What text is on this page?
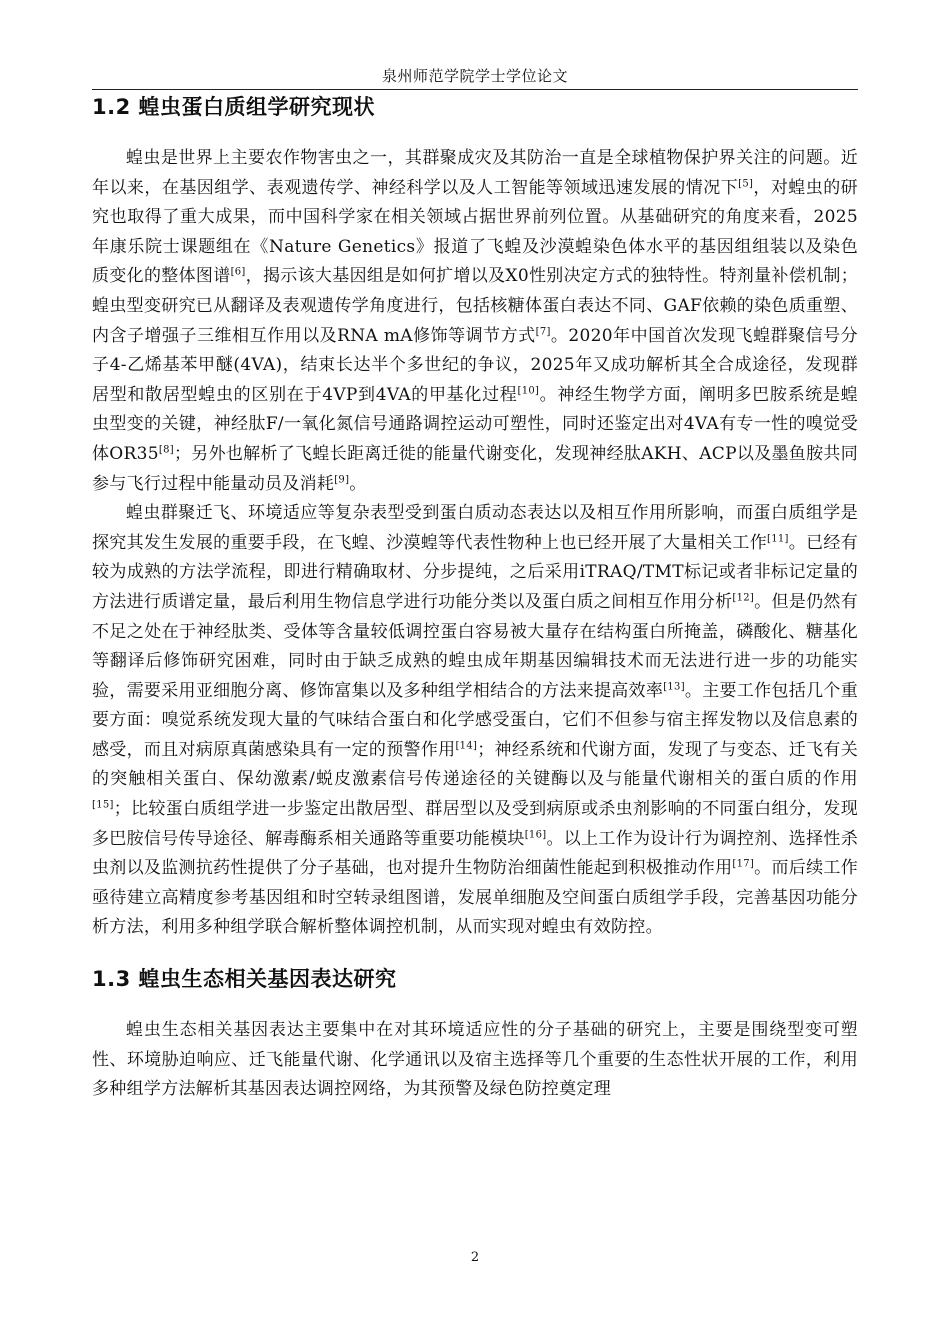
泉州师范学院学士学位论文
1.2 蝗虫蛋白质组学研究现状

蝗虫是世界上主要农作物害虫之一，其群聚成灾及其防治一直是全球植物保护界关注的问题。近年以来，在基因组学、表观遗传学、神经科学以及人工智能等领域迅速发展的情况下[5]，对蝗虫的研究也取得了重大成果，而中国科学家在相关领域占据世界前列位置。从基础研究的角度来看，2025年康乐院士课题组在《Nature Genetics》报道了飞蝗及沙漠蝗染色体水平的基因组组装以及染色质变化的整体图谱[6]，揭示该大基因组是如何扩增以及X0性别决定方式的独特性。特剂量补偿机制；蝗虫型变研究已从翻译及表观遗传学角度进行，包括核糖体蛋白表达不同、GAF依赖的染色质重塑、内含子增强子三维相互作用以及RNA mA修饰等调节方式[7]。2020年中国首次发现飞蝗群聚信号分子4-乙烯基苯甲醚(4VA)，结束长达半个多世纪的争议，2025年又成功解析其全合成途径，发现群居型和散居型蝗虫的区别在于4VP到4VA的甲基化过程[10]。神经生物学方面，阐明多巴胺系统是蝗虫型变的关键，神经肽F/一氧化氮信号通路调控运动可塑性，同时还鉴定出对4VA有专一性的嗅觉受体OR35[8]；另外也解析了飞蝗长距离迁徙的能量代谢变化，发现神经肽AKH、ACP以及墨鱼胺共同参与飞行过程中能量动员及消耗[9]。

蝗虫群聚迁飞、环境适应等复杂表型受到蛋白质动态表达以及相互作用所影响，而蛋白质组学是探究其发生发展的重要手段，在飞蝗、沙漠蝗等代表性物种上也已经开展了大量相关工作[11]。已经有较为成熟的方法学流程，即进行精确取材、分步提纯，之后采用iTRAQ/TMT标记或者非标记定量的方法进行质谱定量，最后利用生物信息学进行功能分类以及蛋白质之间相互作用分析[12]。但是仍然有不足之处在于神经肽类、受体等含量较低调控蛋白容易被大量存在结构蛋白所掩盖，磷酸化、糖基化等翻译后修饰研究困难，同时由于缺乏成熟的蝗虫成年期基因编辑技术而无法进行进一步的功能实验，需要采用亚细胞分离、修饰富集以及多种组学相结合的方法来提高效率[13]。主要工作包括几个重要方面：嗅觉系统发现大量的气味结合蛋白和化学感受蛋白，它们不但参与宿主挥发物以及信息素的感受，而且对病原真菌感染具有一定的预警作用[14]；神经系统和代谢方面，发现了与变态、迁飞有关的突触相关蛋白、保幼激素/蜕皮激素信号传递途径的关键酶以及与能量代谢相关的蛋白质的作用[15]；比较蛋白质组学进一步鉴定出散居型、群居型以及受到病原或杀虫剂影响的不同蛋白组分，发现多巴胺信号传导途径、解毒酶系相关通路等重要功能模块[16]。以上工作为设计行为调控剂、选择性杀虫剂以及监测抗药性提供了分子基础，也对提升生物防治细菌性能起到积极推动作用[17]。而后续工作亟待建立高精度参考基因组和时空转录组图谱，发展单细胞及空间蛋白质组学手段，完善基因功能分析方法，利用多种组学联合解析整体调控机制，从而实现对蝗虫有效防控。

1.3 蝗虫生态相关基因表达研究

蝗虫生态相关基因表达主要集中在对其环境适应性的分子基础的研究上，主要是围绕型变可塑性、环境胁迫响应、迁飞能量代谢、化学通讯以及宿主选择等几个重要的生态性状开展的工作，利用多种组学方法解析其基因表达调控网络，为其预警及绿色防控奠定理

2
